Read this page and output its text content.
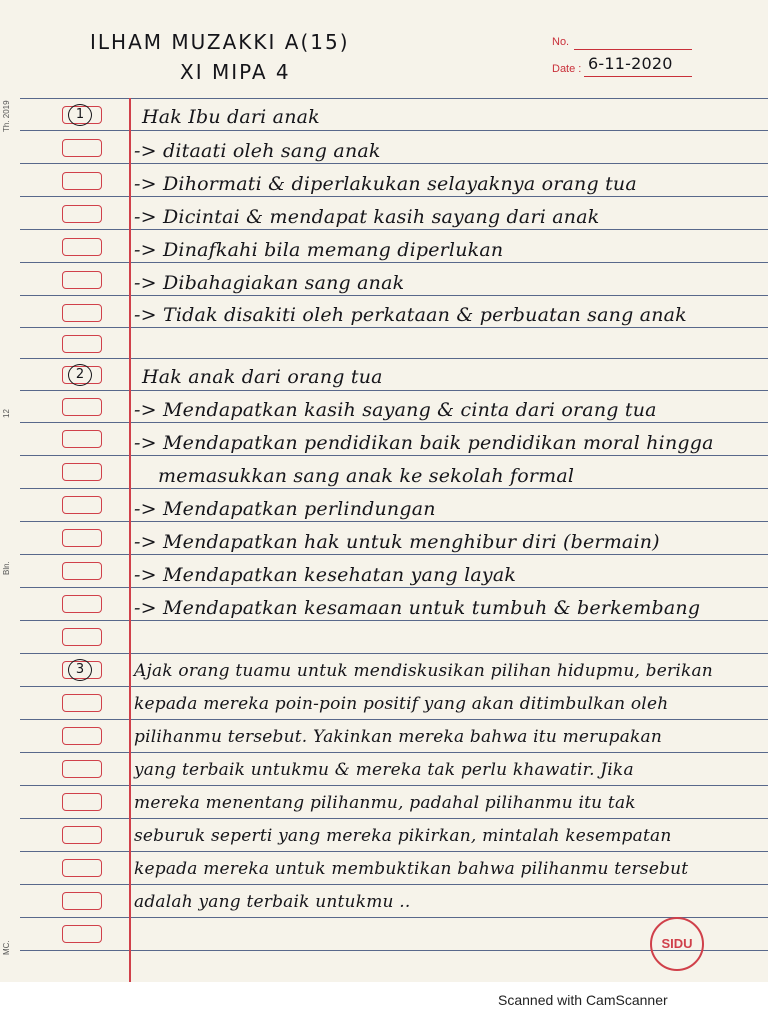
Th. 2019
12
Bln.
MC.
ILHAM MUZAKKI A(15)
XI MIPA 4
No.
Date : 6-11-2020
1	Hak Ibu dari anak
-> ditaati oleh sang anak
-> Dihormati & diperlakukan selayaknya orang tua
-> Dicintai & mendapat kasih sayang dari anak
-> Dinafkahi bila memang diperlukan
-> Dibahagiakan sang anak
-> Tidak disakiti oleh perkataan & perbuatan sang anak
2	Hak anak dari orang tua
-> Mendapatkan kasih sayang & cinta dari orang tua
-> Mendapatkan pendidikan baik pendidikan moral hingga
memasukkan sang anak ke sekolah formal
-> Mendapatkan perlindungan
-> Mendapatkan hak untuk menghibur diri (bermain)
-> Mendapatkan kesehatan yang layak
-> Mendapatkan kesamaan untuk tumbuh & berkembang
3	Ajak orang tuamu untuk mendiskusikan pilihan hidupmu, berikan
kepada mereka poin-poin positif yang akan ditimbulkan oleh
pilihanmu tersebut. Yakinkan mereka bahwa itu merupakan
yang terbaik untukmu & mereka tak perlu khawatir. Jika
mereka menentang pilihanmu, padahal pilihanmu itu tak
seburuk seperti yang mereka pikirkan, mintalah kesempatan
kepada mereka untuk membuktikan bahwa pilihanmu tersebut
adalah yang terbaik untukmu ..
SIDU
Scanned with CamScanner
